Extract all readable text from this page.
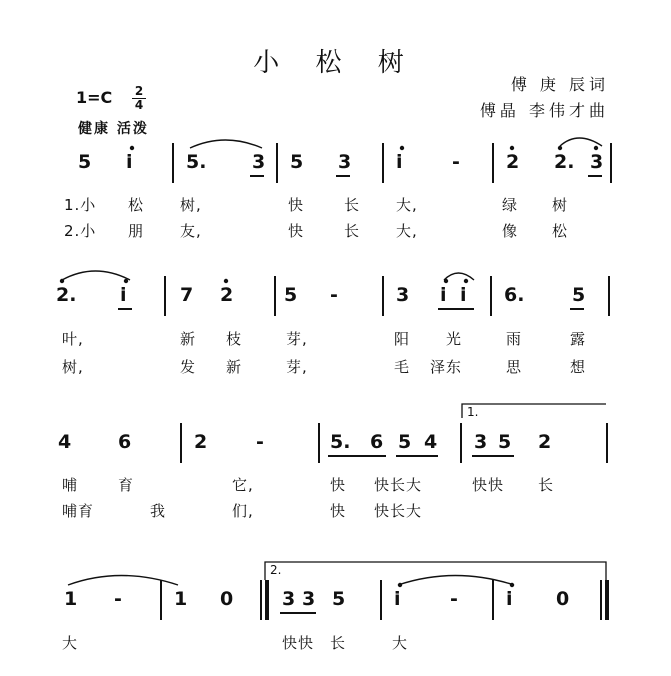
小 松 树
傅 庚 辰词
傅晶 李伟才曲
1=C 2
4
健康 活泼
5 i	5. 3 5 3 i	- 2 2. 3
1.小 松 树,	快	长 大,	绿 树
2.小 朋 友,	快	长 大,	像 松
2. i	7 2	5 -	3 i i 6.	5
叶,	新 枝	芽,	阳 光	雨	露
树,	发 新	芽,	毛 泽东	思	想
1.
4 6	2	-	5. 6 5 4 3 5 2
哺	育	它,	快 快长大	快快 长
哺育	我	们,	快 快长大
2.
1 -	1 0	3 3 5	i	-	i 0
大	快快 长	大
